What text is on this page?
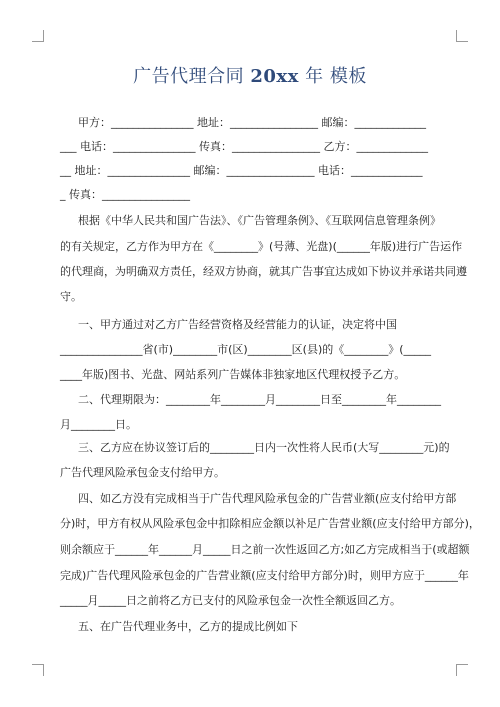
广告代理合同 20xx 年 模板
甲方：_______________ 地址：________________ 邮编：_____________
___ 电话：_______________ 传真：________________ 乙方：_____________
__ 地址：_______________ 邮编：________________ 电话：_____________
_ 传真：________________
根据《中华人民共和国广告法》、《广告管理条例》、《互联网信息管理条例》
的有关规定，乙方作为甲方在《________》(号薄、光盘)(______年版)进行广告运作
的代理商，为明确双方责任，经双方协商，就其广告事宜达成如下协议并承诺共同遵
守。
一、甲方通过对乙方广告经营资格及经营能力的认证，决定将中国
_______________省(市)________市(区)________区(县)的《________》(_____
____年版)图书、光盘、网站系列广告媒体非独家地区代理权授予乙方。
二、代理期限为：________年________月________日至________年________
月________日。
三、乙方应在协议签订后的________日内一次性将人民币(大写________元)的
广告代理风险承包金支付给甲方。
四、如乙方没有完成相当于广告代理风险承包金的广告营业额(应支付给甲方部
分)时，甲方有权从风险承包金中扣除相应金额以补足广告营业额(应支付给甲方部分)，
则余额应于______年______月_____日之前一次性返回乙方;如乙方完成相当于(或超额
完成)广告代理风险承包金的广告营业额(应支付给甲方部分)时，则甲方应于______年
_____月_____日之前将乙方已支付的风险承包金一次性全额返回乙方。
五、在广告代理业务中，乙方的提成比例如下
